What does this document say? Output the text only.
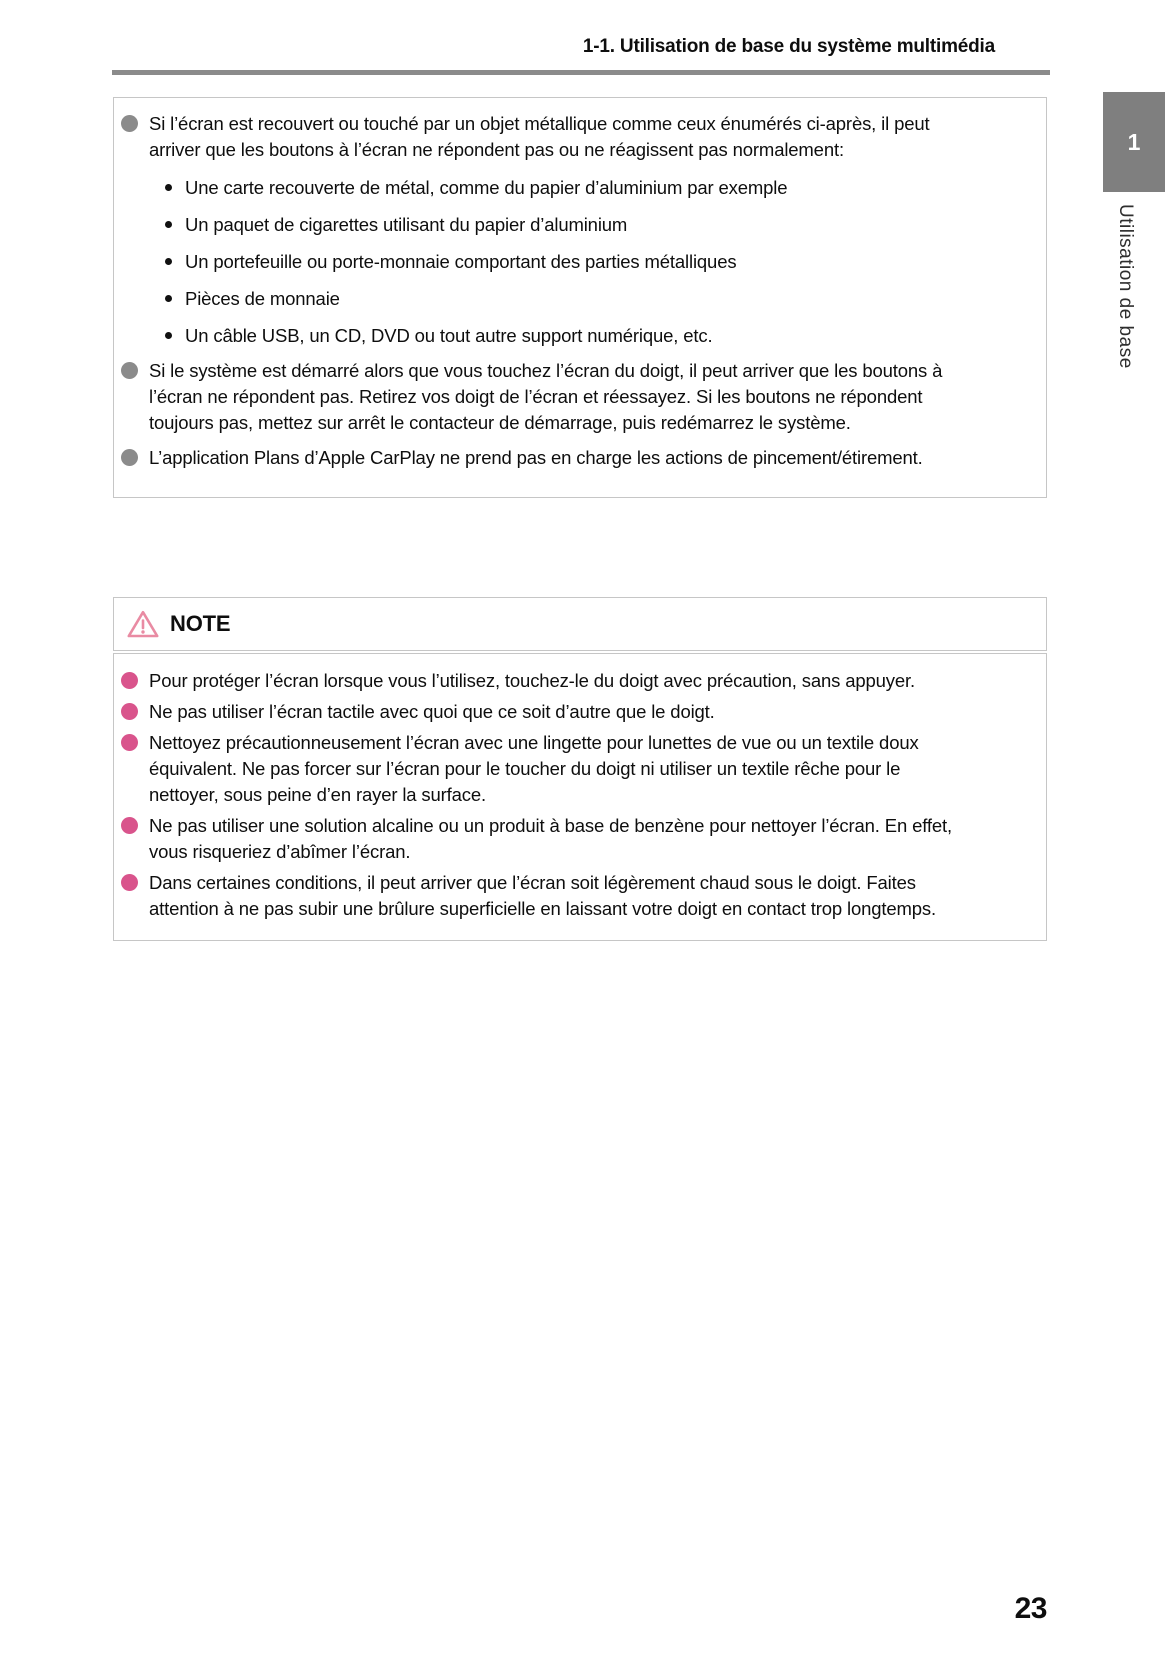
1-1. Utilisation de base du système multimédia
Si l’écran est recouvert ou touché par un objet métallique comme ceux énumérés ci-après, il peut arriver que les boutons à l’écran ne répondent pas ou ne réagissent pas normalement:
Une carte recouverte de métal, comme du papier d’aluminium par exemple
Un paquet de cigarettes utilisant du papier d’aluminium
Un portefeuille ou porte-monnaie comportant des parties métalliques
Pièces de monnaie
Un câble USB, un CD, DVD ou tout autre support numérique, etc.
Si le système est démarré alors que vous touchez l’écran du doigt, il peut arriver que les boutons à l’écran ne répondent pas. Retirez vos doigt de l’écran et réessayez. Si les boutons ne répondent toujours pas, mettez sur arrêt le contacteur de démarrage, puis redémarrez le système.
L’application Plans d’Apple CarPlay ne prend pas en charge les actions de pincement/étirement.
NOTE
Pour protéger l’écran lorsque vous l’utilisez, touchez-le du doigt avec précaution, sans appuyer.
Ne pas utiliser l’écran tactile avec quoi que ce soit d’autre que le doigt.
Nettoyez précautionneusement l’écran avec une lingette pour lunettes de vue ou un textile doux équivalent. Ne pas forcer sur l’écran pour le toucher du doigt ni utiliser un textile rêche pour le nettoyer, sous peine d’en rayer la surface.
Ne pas utiliser une solution alcaline ou un produit à base de benzène pour nettoyer l’écran. En effet, vous risqueriez d’abîmer l’écran.
Dans certaines conditions, il peut arriver que l’écran soit légèrement chaud sous le doigt. Faites attention à ne pas subir une brûlure superficielle en laissant votre doigt en contact trop longtemps.
1
Utilisation de base
23
